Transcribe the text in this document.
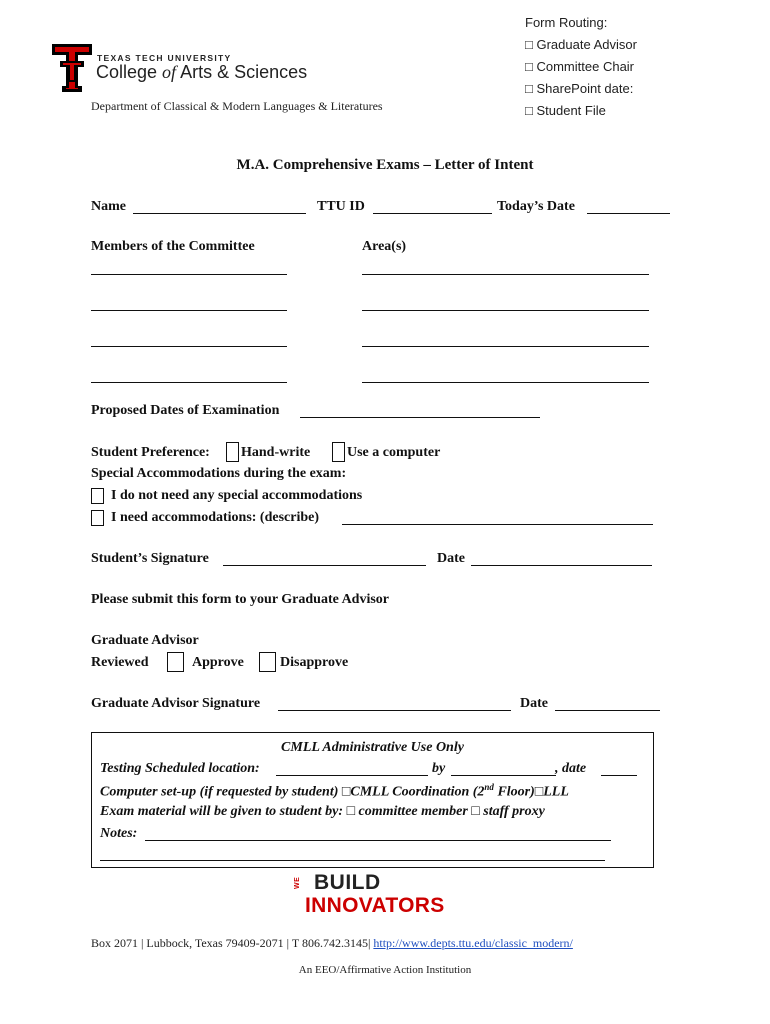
TEXAS TECH UNIVERSITY
College of Arts & Sciences
Department of Classical & Modern Languages & Literatures
Form Routing:
□ Graduate Advisor
□ Committee Chair
□ SharePoint date:
□ Student File
M.A. Comprehensive Exams – Letter of Intent
Name	TTU ID	Today’s Date
Members of the Committee	Area(s)
Proposed Dates of Examination
Student Preference: Hand-write	Use a computer
Special Accommodations during the exam:
I do not need any special accommodations
I need accommodations: (describe)
Student’s Signature	Date
Please submit this form to your Graduate Advisor
Graduate Advisor
Reviewed	Approve	Disapprove
Graduate Advisor Signature	Date
CMLL Administrative Use Only
Testing Scheduled location:	by	, date
Computer set-up (if requested by student) □CMLL Coordination (2nd Floor)□LLL
Exam material will be given to student by: □ committee member □ staff proxy
Notes:
WE BUILD
INNOVATORS
Box 2071 | Lubbock, Texas 79409-2071 | T 806.742.3145| http://www.depts.ttu.edu/classic_modern/
An EEO/Affirmative Action Institution
